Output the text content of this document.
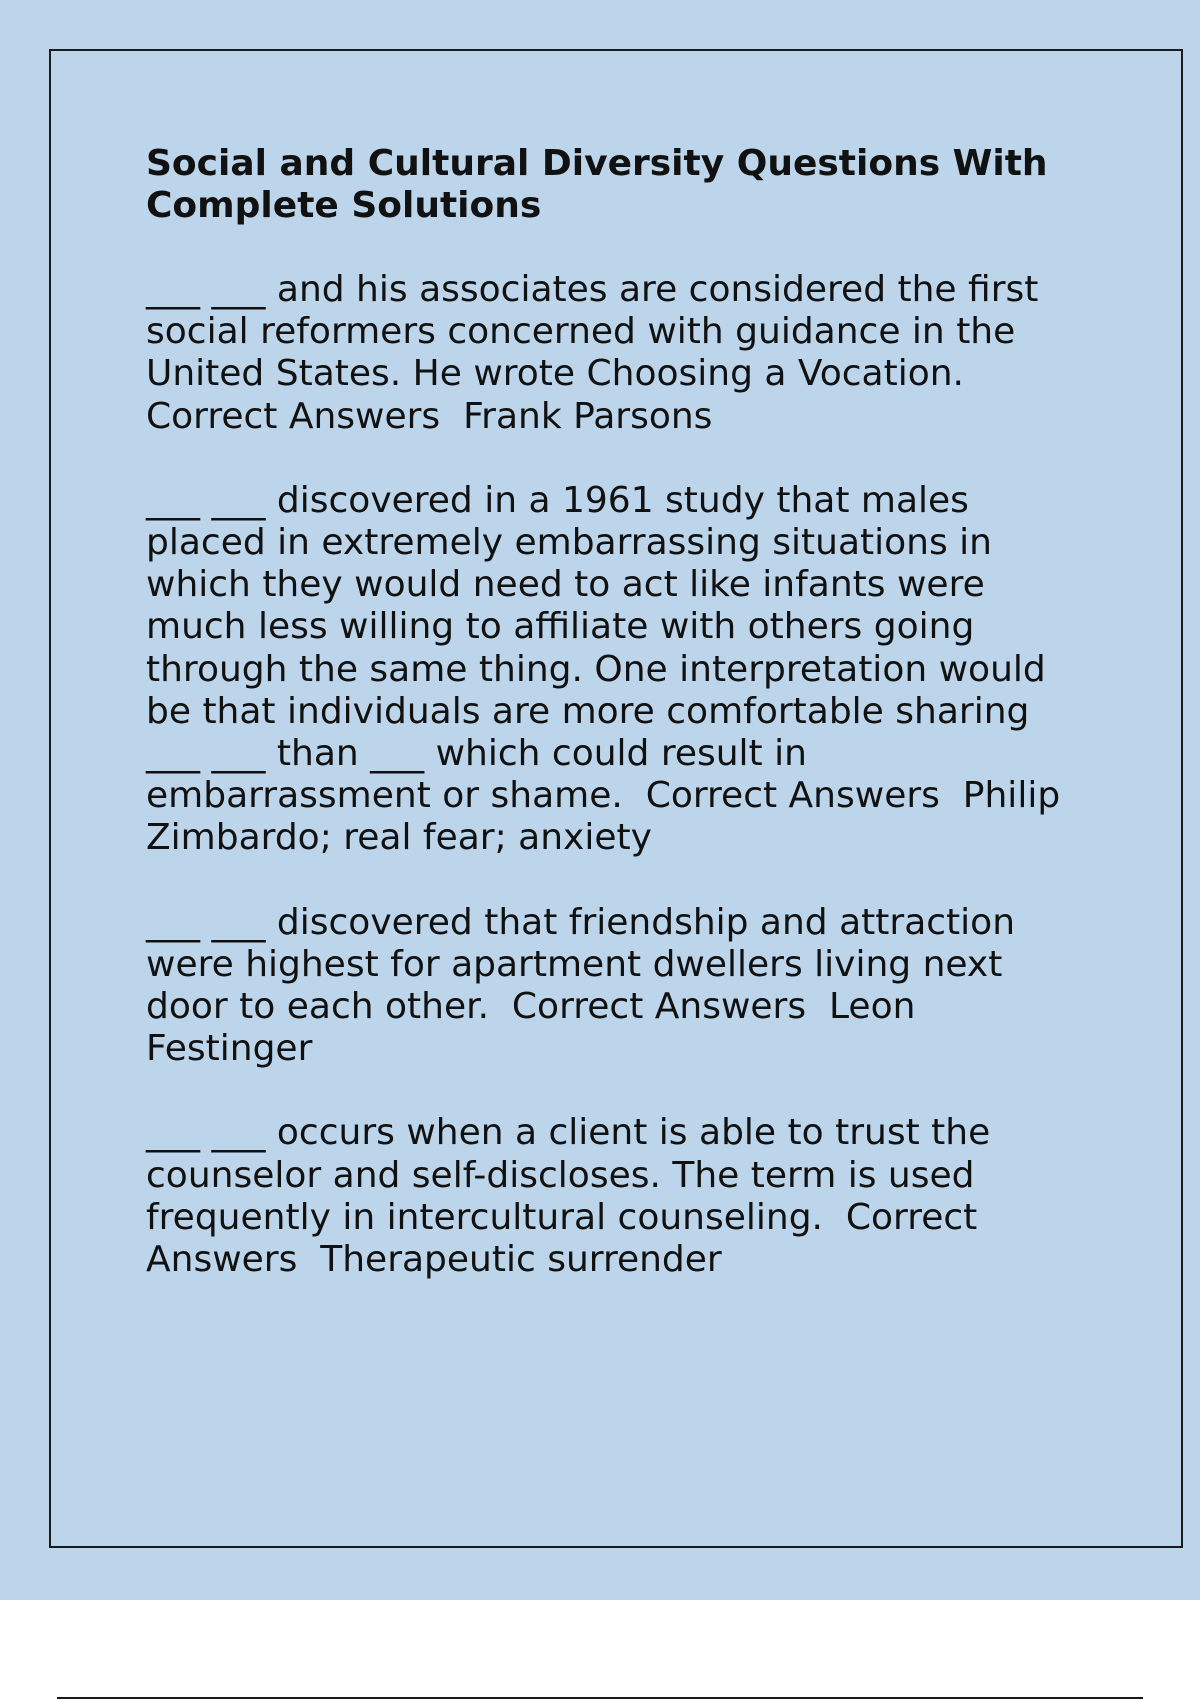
Social and Cultural Diversity Questions With Complete Solutions
___ ___ and his associates are considered the first social reformers concerned with guidance in the United States. He wrote Choosing a Vocation. Correct Answers  Frank Parsons
___ ___ discovered in a 1961 study that males placed in extremely embarrassing situations in which they would need to act like infants were much less willing to affiliate with others going through the same thing. One interpretation would be that individuals are more comfortable sharing ___ ___ than ___ which could result in embarrassment or shame.  Correct Answers  Philip Zimbardo; real fear; anxiety
___ ___ discovered that friendship and attraction were highest for apartment dwellers living next door to each other.  Correct Answers  Leon Festinger
___ ___ occurs when a client is able to trust the counselor and self-discloses. The term is used frequently in intercultural counseling.  Correct Answers  Therapeutic surrender
